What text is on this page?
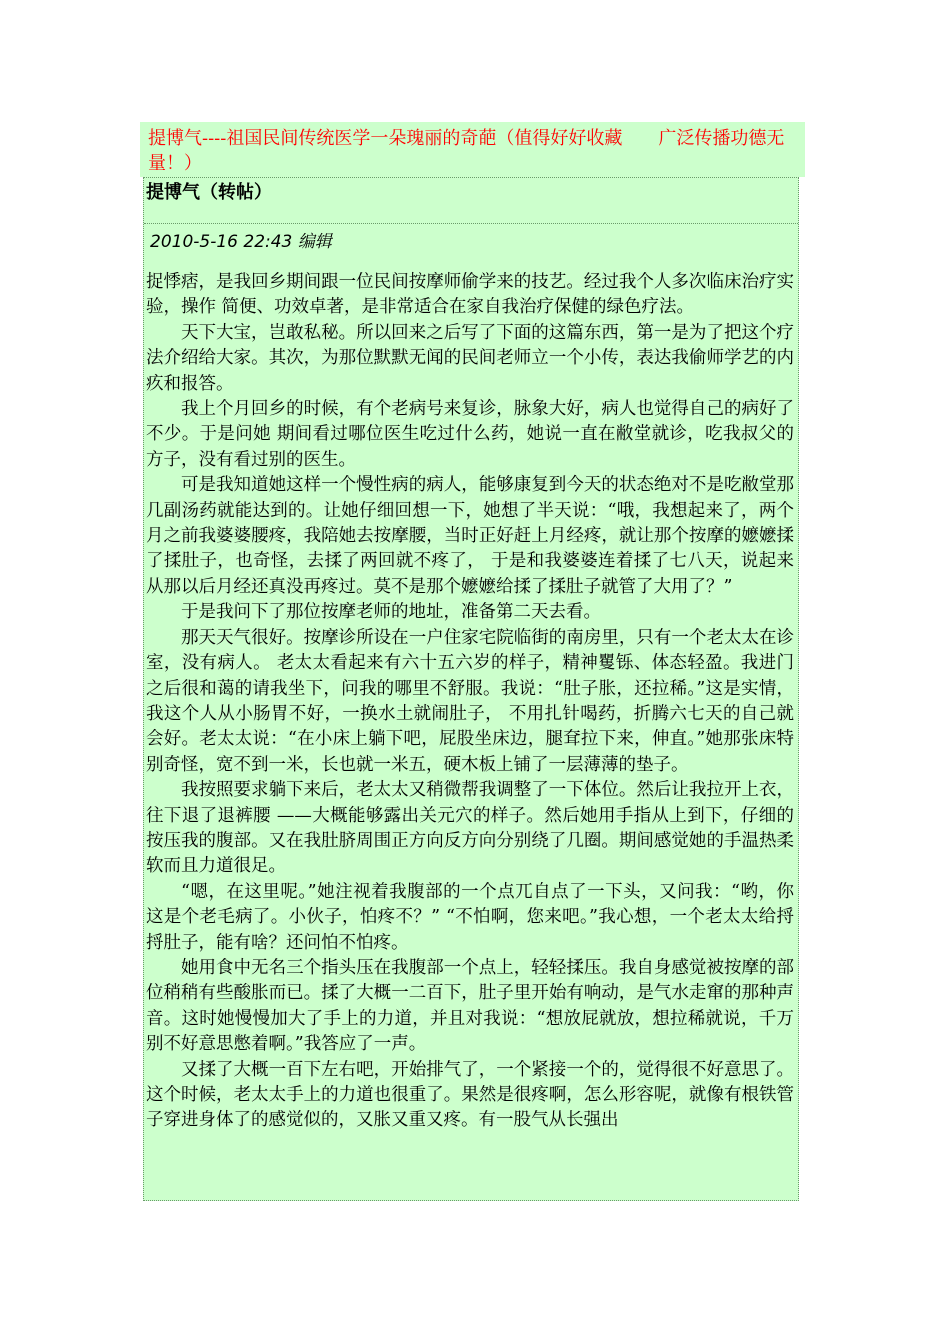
提博气----祖国民间传统医学一朵瑰丽的奇葩（值得好好收藏　　广泛传播功德无量！）
提博气（转帖）
2010-5-16 22:43 编辑

捉悸痞，是我回乡期间跟一位民间按摩师偷学来的技艺。经过我个人多次临床治疗实验，操作 简便、功效卓著，是非常适合在家自我治疗保健的绿色疗法。

天下大宝，岂敢私秘。所以回来之后写了下面的这篇东西，第一是为了把这个疗法介绍给大家。其次，为那位默默无闻的民间老师立一个小传，表达我偷师学艺的内疚和报答。

我上个月回乡的时候，有个老病号来复诊，脉象大好，病人也觉得自己的病好了不少。于是问她 期间看过哪位医生吃过什么药，她说一直在敝堂就诊，吃我叔父的方子，没有看过别的医生。

可是我知道她这样一个慢性病的病人，能够康复到今天的状态绝对不是吃敝堂那几副汤药就能达到的。让她仔细回想一下，她想了半天说：“哦，我想起来了，两个月之前我婆婆腰疼，我陪她去按摩腰，当时正好赶上月经疼，就让那个按摩的嬷嬷揉了揉肚子，也奇怪，去揉了两回就不疼了， 于是和我婆婆连着揉了七八天，说起来从那以后月经还真没再疼过。莫不是那个嬷嬷给揉了揉肚子就管了大用了？”

于是我问下了那位按摩老师的地址，准备第二天去看。

那天天气很好。按摩诊所设在一户住家宅院临街的南房里，只有一个老太太在诊室，没有病人。 老太太看起来有六十五六岁的样子，精神矍铄、体态轻盈。我进门之后很和蔼的请我坐下，问我的哪里不舒服。我说：“肚子胀，还拉稀。”这是实情，我这个人从小肠胃不好，一换水土就闹肚子， 不用扎针喝药，折腾六七天的自己就会好。老太太说：“在小床上躺下吧，屁股坐床边，腿耷拉下来，伸直。”她那张床特别奇怪，宽不到一米，长也就一米五，硬木板上铺了一层薄薄的垫子。

我按照要求躺下来后，老太太又稍微帮我调整了一下体位。然后让我拉开上衣，往下退了退裤腰 ——大概能够露出关元穴的样子。然后她用手指从上到下，仔细的按压我的腹部。又在我肚脐周围正方向反方向分别绕了几圈。期间感觉她的手温热柔软而且力道很足。

“嗯，在这里呢。”她注视着我腹部的一个点兀自点了一下头，又问我：“哟，你这是个老毛病了。小伙子，怕疼不？” “不怕啊，您来吧。”我心想，一个老太太给捋捋肚子，能有啥？还问怕不怕疼。

她用食中无名三个指头压在我腹部一个点上，轻轻揉压。我自身感觉被按摩的部位稍稍有些酸胀而已。揉了大概一二百下，肚子里开始有响动，是气水走窜的那种声音。这时她慢慢加大了手上的力道，并且对我说：“想放屁就放，想拉稀就说，千万别不好意思憋着啊。”我答应了一声。

又揉了大概一百下左右吧，开始排气了，一个紧接一个的，觉得很不好意思了。这个时候，老太太手上的力道也很重了。果然是很疼啊，怎么形容呢，就像有根铁管子穿进身体了的感觉似的，又胀又重又疼。有一股气从长强出
